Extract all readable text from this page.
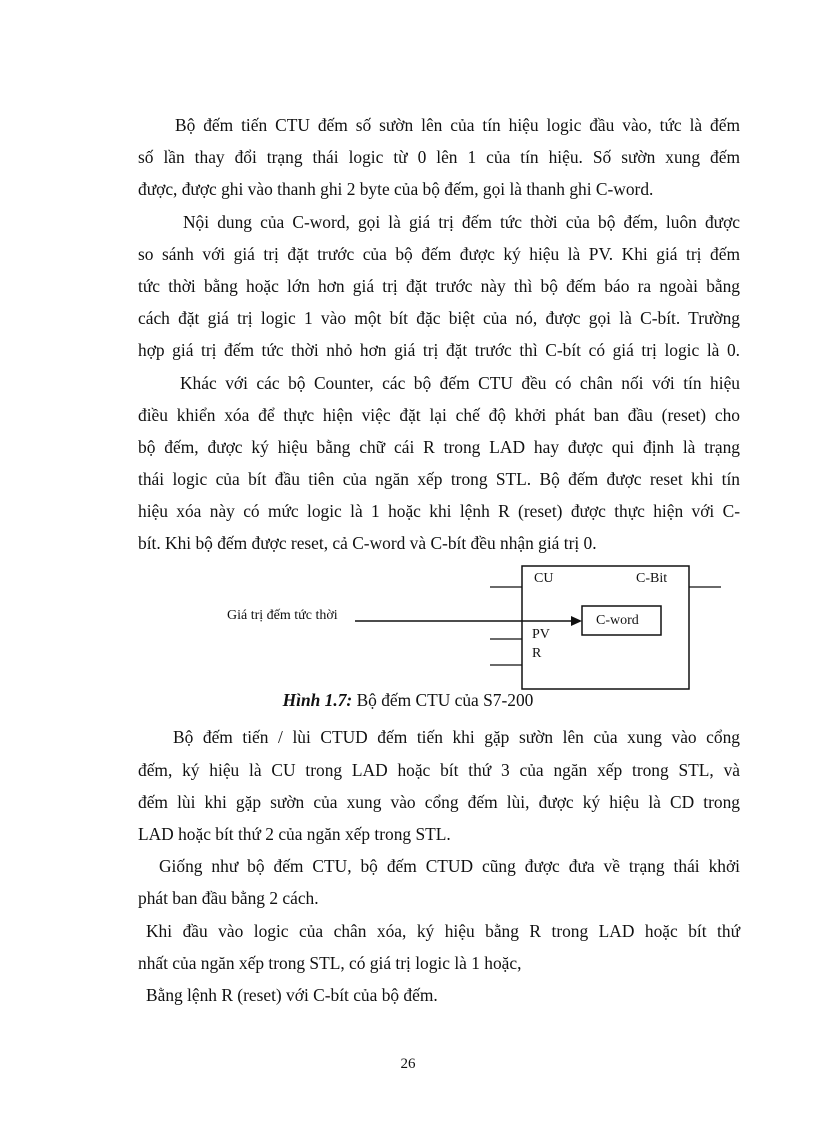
Bộ đếm tiến CTU đếm số sườn lên của tín hiệu logic đầu vào, tức là đếm
số lần thay đổi trạng thái logic từ 0 lên 1 của tín hiệu. Số sườn xung đếm
được, được ghi vào thanh ghi 2 byte của bộ đếm, gọi là thanh ghi C-word.
Nội dung của C-word, gọi là giá trị đếm tức thời của bộ đếm, luôn được
so sánh với giá trị đặt trước của bộ đếm được ký hiệu là PV. Khi giá trị đếm
tức thời bằng hoặc lớn hơn giá trị đặt trước này thì bộ đếm báo ra ngoài bằng
cách đặt giá trị logic 1 vào một bít đặc biệt của nó, được gọi là C-bít. Trường
hợp giá trị đếm tức thời nhỏ hơn giá trị đặt trước thì C-bít có giá trị logic là 0.
Khác với các bộ Counter, các bộ đếm CTU đều có chân nối với tín hiệu
điều khiển xóa để thực hiện việc đặt lại chế độ khởi phát ban đầu (reset) cho
bộ đếm, được ký hiệu bằng chữ cái R trong LAD hay được qui định là trạng
thái logic của bít đầu tiên của ngăn xếp trong STL. Bộ đếm được reset khi tín
hiệu xóa này có mức logic là 1 hoặc khi lệnh R (reset) được thực hiện với C-
bít. Khi bộ đếm được reset, cả C-word và C-bít đều nhận giá trị 0.
CU	C-Bit
C-word
PV
R
Giá trị đếm tức thời
Hình 1.7: Bộ đếm CTU của S7-200
Bộ đếm tiến / lùi CTUD đếm tiến khi gặp sườn lên của xung vào cổng
đếm, ký hiệu là CU trong LAD hoặc bít thứ 3 của ngăn xếp trong STL, và
đếm lùi khi gặp sườn của xung vào cổng đếm lùi, được ký hiệu là CD trong
LAD hoặc bít thứ 2 của ngăn xếp trong STL.
Giống như bộ đếm CTU, bộ đếm CTUD cũng được đưa về trạng thái khởi
phát ban đầu bằng 2 cách.
Khi đầu vào logic của chân xóa, ký hiệu bằng R trong LAD hoặc bít thứ
nhất của ngăn xếp trong STL, có giá trị logic là 1 hoặc,
Bằng lệnh R (reset) với C-bít của bộ đếm.
26
